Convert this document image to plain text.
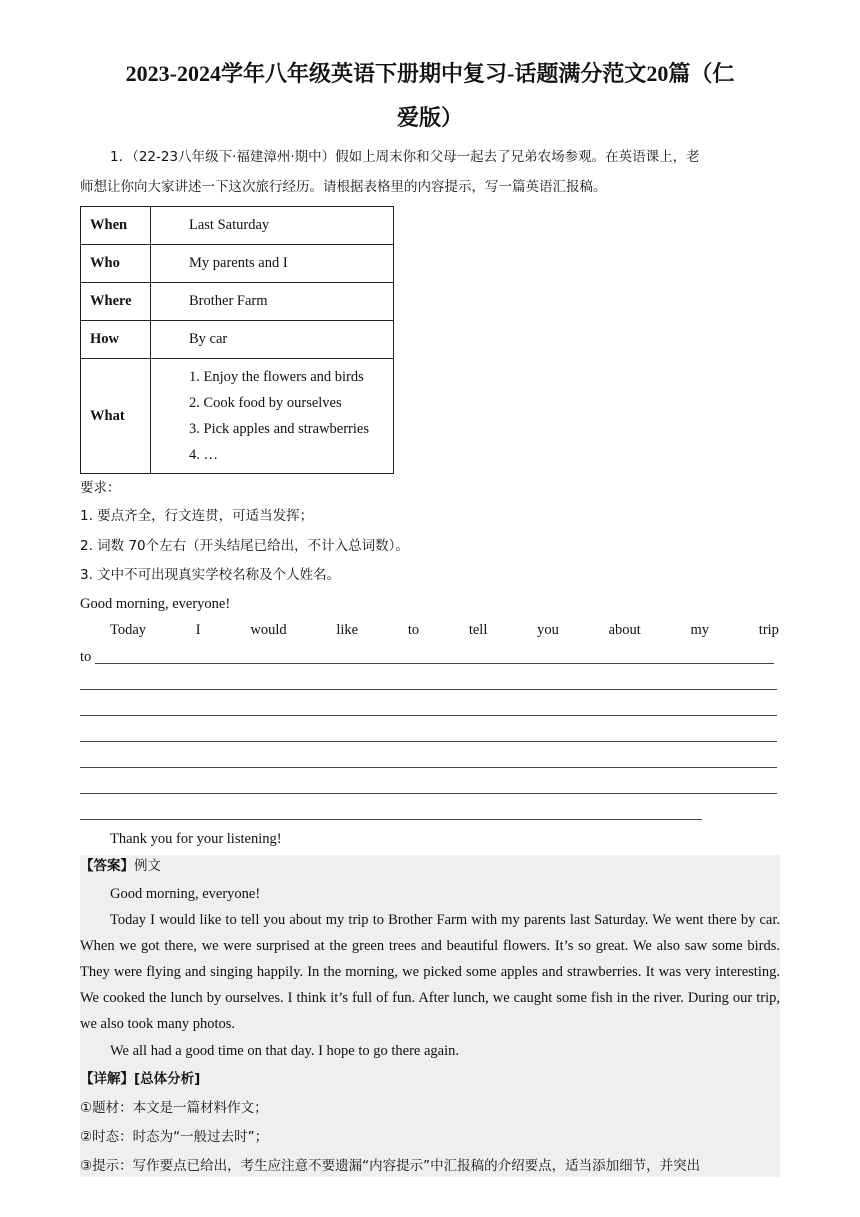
2023-2024学年八年级英语下册期中复习-话题满分范文20篇（仁
爱版）
1．（22-23八年级下·福建漳州·期中）假如上周末你和父母一起去了兄弟农场参观。在英语课上，老
师想让你向大家讲述一下这次旅行经历。请根据表格里的内容提示，写一篇英语汇报稿。
When	Last Saturday
Who	My parents and I
Where	Brother Farm
How	By car
What	1. Enjoy the flowers and birds
2. Cook food by ourselves
3. Pick apples and strawberries
4. …
要求：
1. 要点齐全，行文连贯，可适当发挥；
2. 词数 70个左右（开头结尾已给出，不计入总词数）。
3. 文中不可出现真实学校名称及个人姓名。
Good morning, everyone!
Today	I	would	like	to	tell	you	about	my	trip
to
Thank you for your listening!
【答案】例文
Good morning, everyone!
Today I would like to tell you about my trip to Brother Farm with my parents last Saturday. We went there by car. When we got there, we were surprised at the green trees and beautiful flowers. It’s so great. We also saw some birds. They were flying and singing happily. In the morning, we picked some apples and strawberries. It was very interesting. We cooked the lunch by ourselves. I think it’s full of fun. After lunch, we caught some fish in the river. During our trip, we also took many photos.
We all had a good time on that day. I hope to go there again.
【详解】[总体分析]
①题材：本文是一篇材料作文；
②时态：时态为“一般过去时”；
③提示：写作要点已给出，考生应注意不要遗漏“内容提示”中汇报稿的介绍要点，适当添加细节，并突出
